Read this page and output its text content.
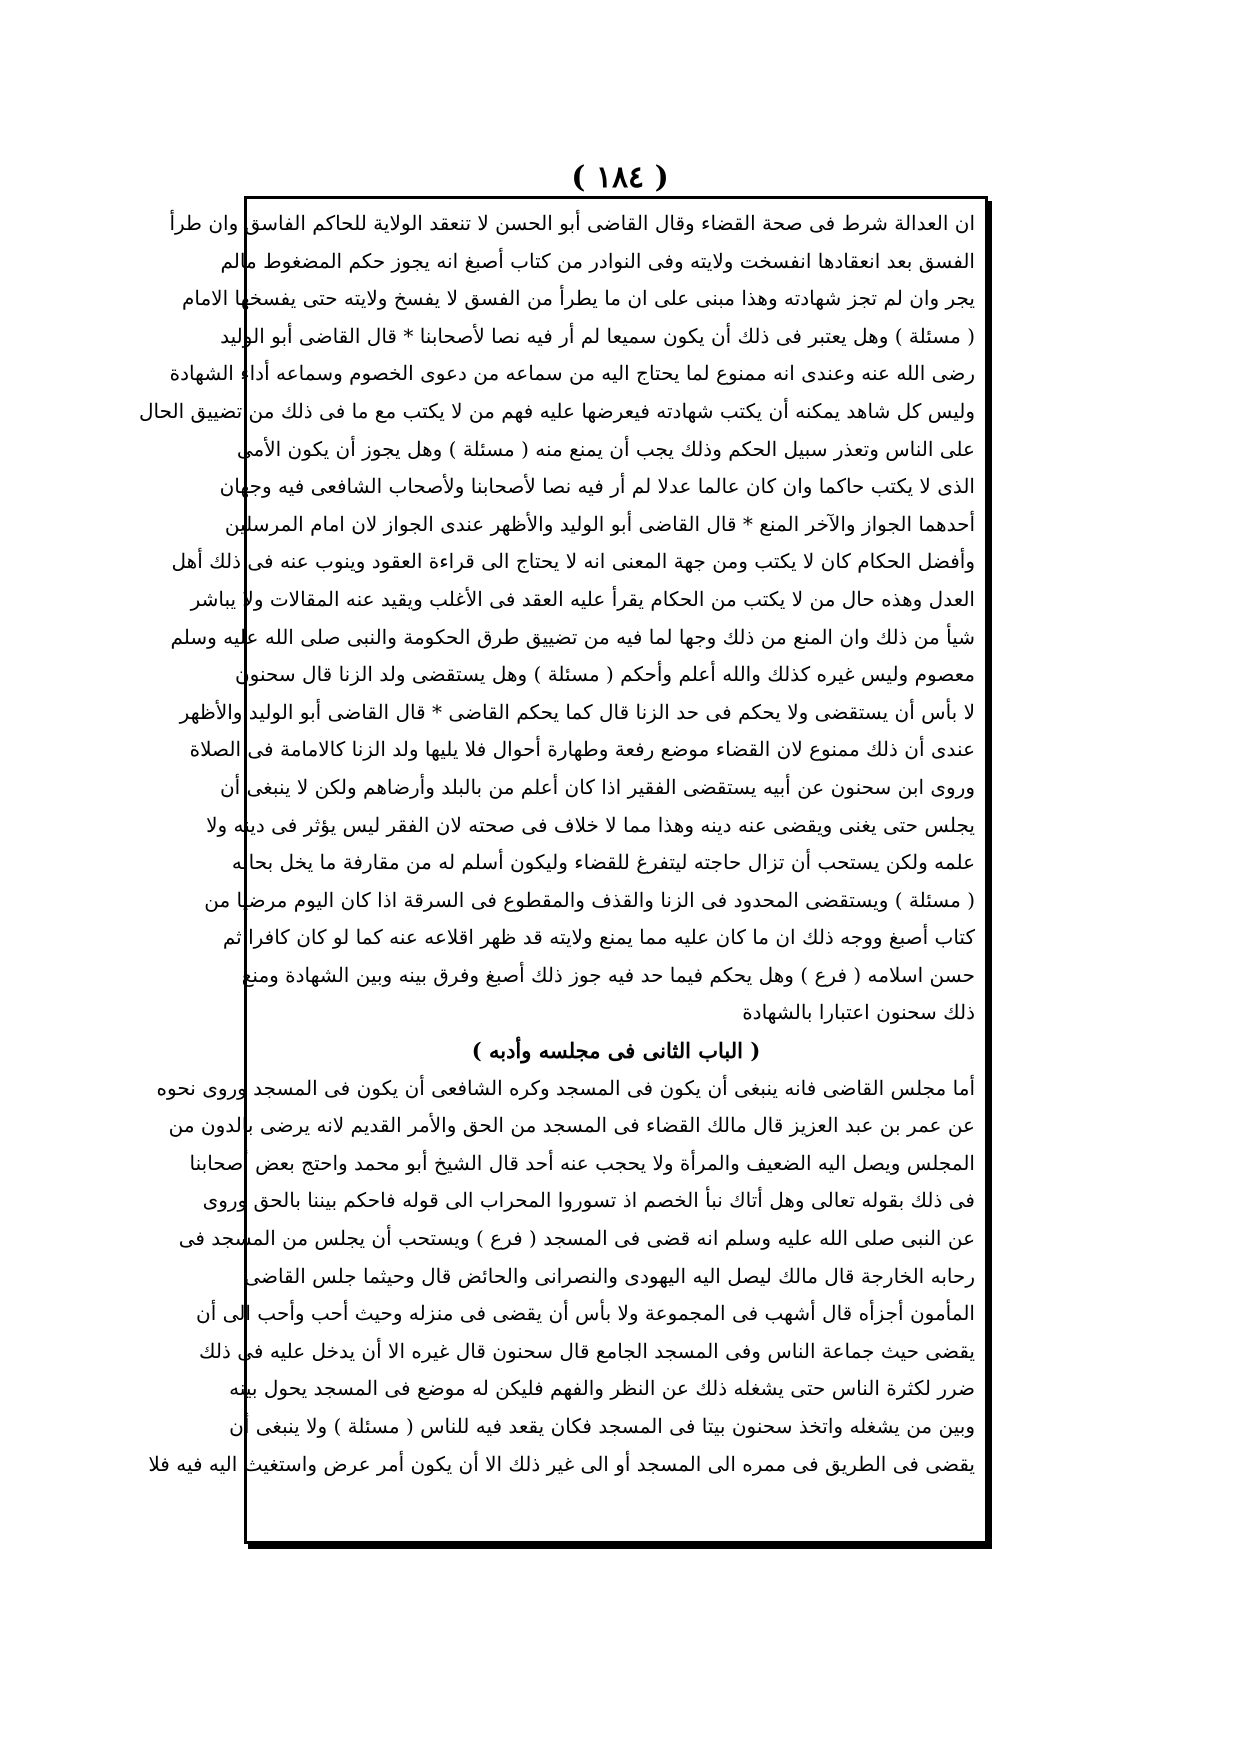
( ١٨٤ )
ان العدالة شرط فى صحة القضاء وقال القاضى أبو الحسن لا تنعقد الولاية للحاكم الفاسق وان طرأ
الفسق بعد انعقادها انفسخت ولايته وفى النوادر من كتاب أصبغ انه يجوز حكم المضغوط مالم
يجر وان لم تجز شهادته وهذا مبنى على ان ما يطرأ من الفسق لا يفسخ ولايته حتى يفسخها الامام
( مسئلة ) وهل يعتبر فى ذلك أن يكون سميعا لم أر فيه نصا لأصحابنا * قال القاضى أبو الوليد
رضى الله عنه وعندى انه ممنوع لما يحتاج اليه من سماعه من دعوى الخصوم وسماعه أداء الشهادة
وليس كل شاهد يمكنه أن يكتب شهادته فيعرضها عليه فهم من لا يكتب مع ما فى ذلك من تضييق الحال
على الناس وتعذر سبيل الحكم وذلك يجب أن يمنع منه ( مسئلة ) وهل يجوز أن يكون الأمى
الذى لا يكتب حاكما وان كان عالما عدلا لم أر فيه نصا لأصحابنا ولأصحاب الشافعى فيه وجهان
أحدهما الجواز والآخر المنع * قال القاضى أبو الوليد والأظهر عندى الجواز لان امام المرسلين
وأفضل الحكام كان لا يكتب ومن جهة المعنى انه لا يحتاج الى قراءة العقود وينوب عنه فى ذلك أهل
العدل وهذه حال من لا يكتب من الحكام يقرأ عليه العقد فى الأغلب ويقيد عنه المقالات ولا يباشر
شيأ من ذلك وان المنع من ذلك وجها لما فيه من تضييق طرق الحكومة والنبى صلى الله عليه وسلم
معصوم وليس غيره كذلك والله أعلم وأحكم ( مسئلة ) وهل يستقضى ولد الزنا قال سحنون
لا بأس أن يستقضى ولا يحكم فى حد الزنا قال كما يحكم القاضى * قال القاضى أبو الوليد والأظهر
عندى أن ذلك ممنوع لان القضاء موضع رفعة وطهارة أحوال فلا يليها ولد الزنا كالامامة فى الصلاة
وروى ابن سحنون عن أبيه يستقضى الفقير اذا كان أعلم من بالبلد وأرضاهم ولكن لا ينبغى أن
يجلس حتى يغنى ويقضى عنه دينه وهذا مما لا خلاف فى صحته لان الفقر ليس يؤثر فى دينه ولا
علمه ولكن يستحب أن تزال حاجته ليتفرغ للقضاء وليكون أسلم له من مقارفة ما يخل بحاله
( مسئلة ) ويستقضى المحدود فى الزنا والقذف والمقطوع فى السرقة اذا كان اليوم مرضيا من
كتاب أصبغ ووجه ذلك ان ما كان عليه مما يمنع ولايته قد ظهر اقلاعه عنه كما لو كان كافرا ثم
حسن اسلامه ( فرع ) وهل يحكم فيما حد فيه جوز ذلك أصبغ وفرق بينه وبين الشهادة ومنع
ذلك سحنون اعتبارا بالشهادة
( الباب الثانى فى مجلسه وأدبه )
أما مجلس القاضى فانه ينبغى أن يكون فى المسجد وكره الشافعى أن يكون فى المسجد وروى نحوه
عن عمر بن عبد العزيز قال مالك القضاء فى المسجد من الحق والأمر القديم لانه يرضى بالدون من
المجلس ويصل اليه الضعيف والمرأة ولا يحجب عنه أحد قال الشيخ أبو محمد واحتج بعض أصحابنا
فى ذلك بقوله تعالى وهل أتاك نبأ الخصم اذ تسوروا المحراب الى قوله فاحكم بيننا بالحق وروى
عن النبى صلى الله عليه وسلم انه قضى فى المسجد ( فرع ) ويستحب أن يجلس من المسجد فى
رحابه الخارجة قال مالك ليصل اليه اليهودى والنصرانى والحائض قال وحيثما جلس القاضى
المأمون أجزأه قال أشهب فى المجموعة ولا بأس أن يقضى فى منزله وحيث أحب وأحب الى أن
يقضى حيث جماعة الناس وفى المسجد الجامع قال سحنون قال غيره الا أن يدخل عليه فى ذلك
ضرر لكثرة الناس حتى يشغله ذلك عن النظر والفهم فليكن له موضع فى المسجد يحول بينه
وبين من يشغله واتخذ سحنون بيتا فى المسجد فكان يقعد فيه للناس ( مسئلة ) ولا ينبغى أن
يقضى فى الطريق فى ممره الى المسجد أو الى غير ذلك الا أن يكون أمر عرض واستغيث اليه فيه فلا
